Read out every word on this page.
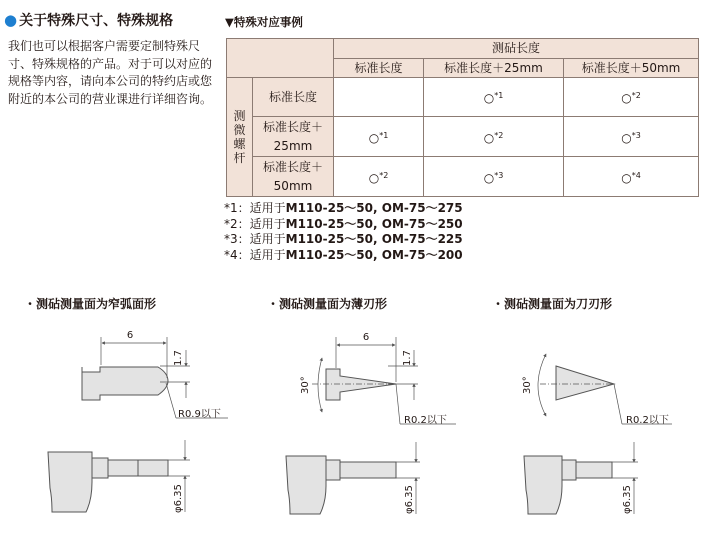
● 关于特殊尺寸、特殊规格
我们也可以根据客户需要定制特殊尺寸、特殊规格的产品。对于可以对应的规格等内容，请向本公司的特约店或您附近的本公司的营业课进行详细咨询。
▼特殊对应事例
		测砧长度		
		标准长度	标准长度＋25mm	标准长度＋50mm

测
微
螺
杆	标准长度		○$^{*1}$	○$^{*2}$
	标准长度＋25mm	○$^{*1}$	○$^{*2}$	○$^{*3}$
	标准长度＋50mm	○$^{*2}$	○$^{*3}$	○$^{*4}$
*1：适用于M110-25～50, OM-75～275
*2：适用于M110-25～50, OM-75～250
*3：适用于M110-25～50, OM-75～225
*4：适用于M110-25～50, OM-75～200
・测砧测量面为窄弧面形	・测砧测量面为薄刃形	・测砧测量面为刀刃形
6
1.7
R0.9以下
φ6.35
6
1.7
30°
R0.2以下
φ6.35
30°
R0.2以下
φ6.35
